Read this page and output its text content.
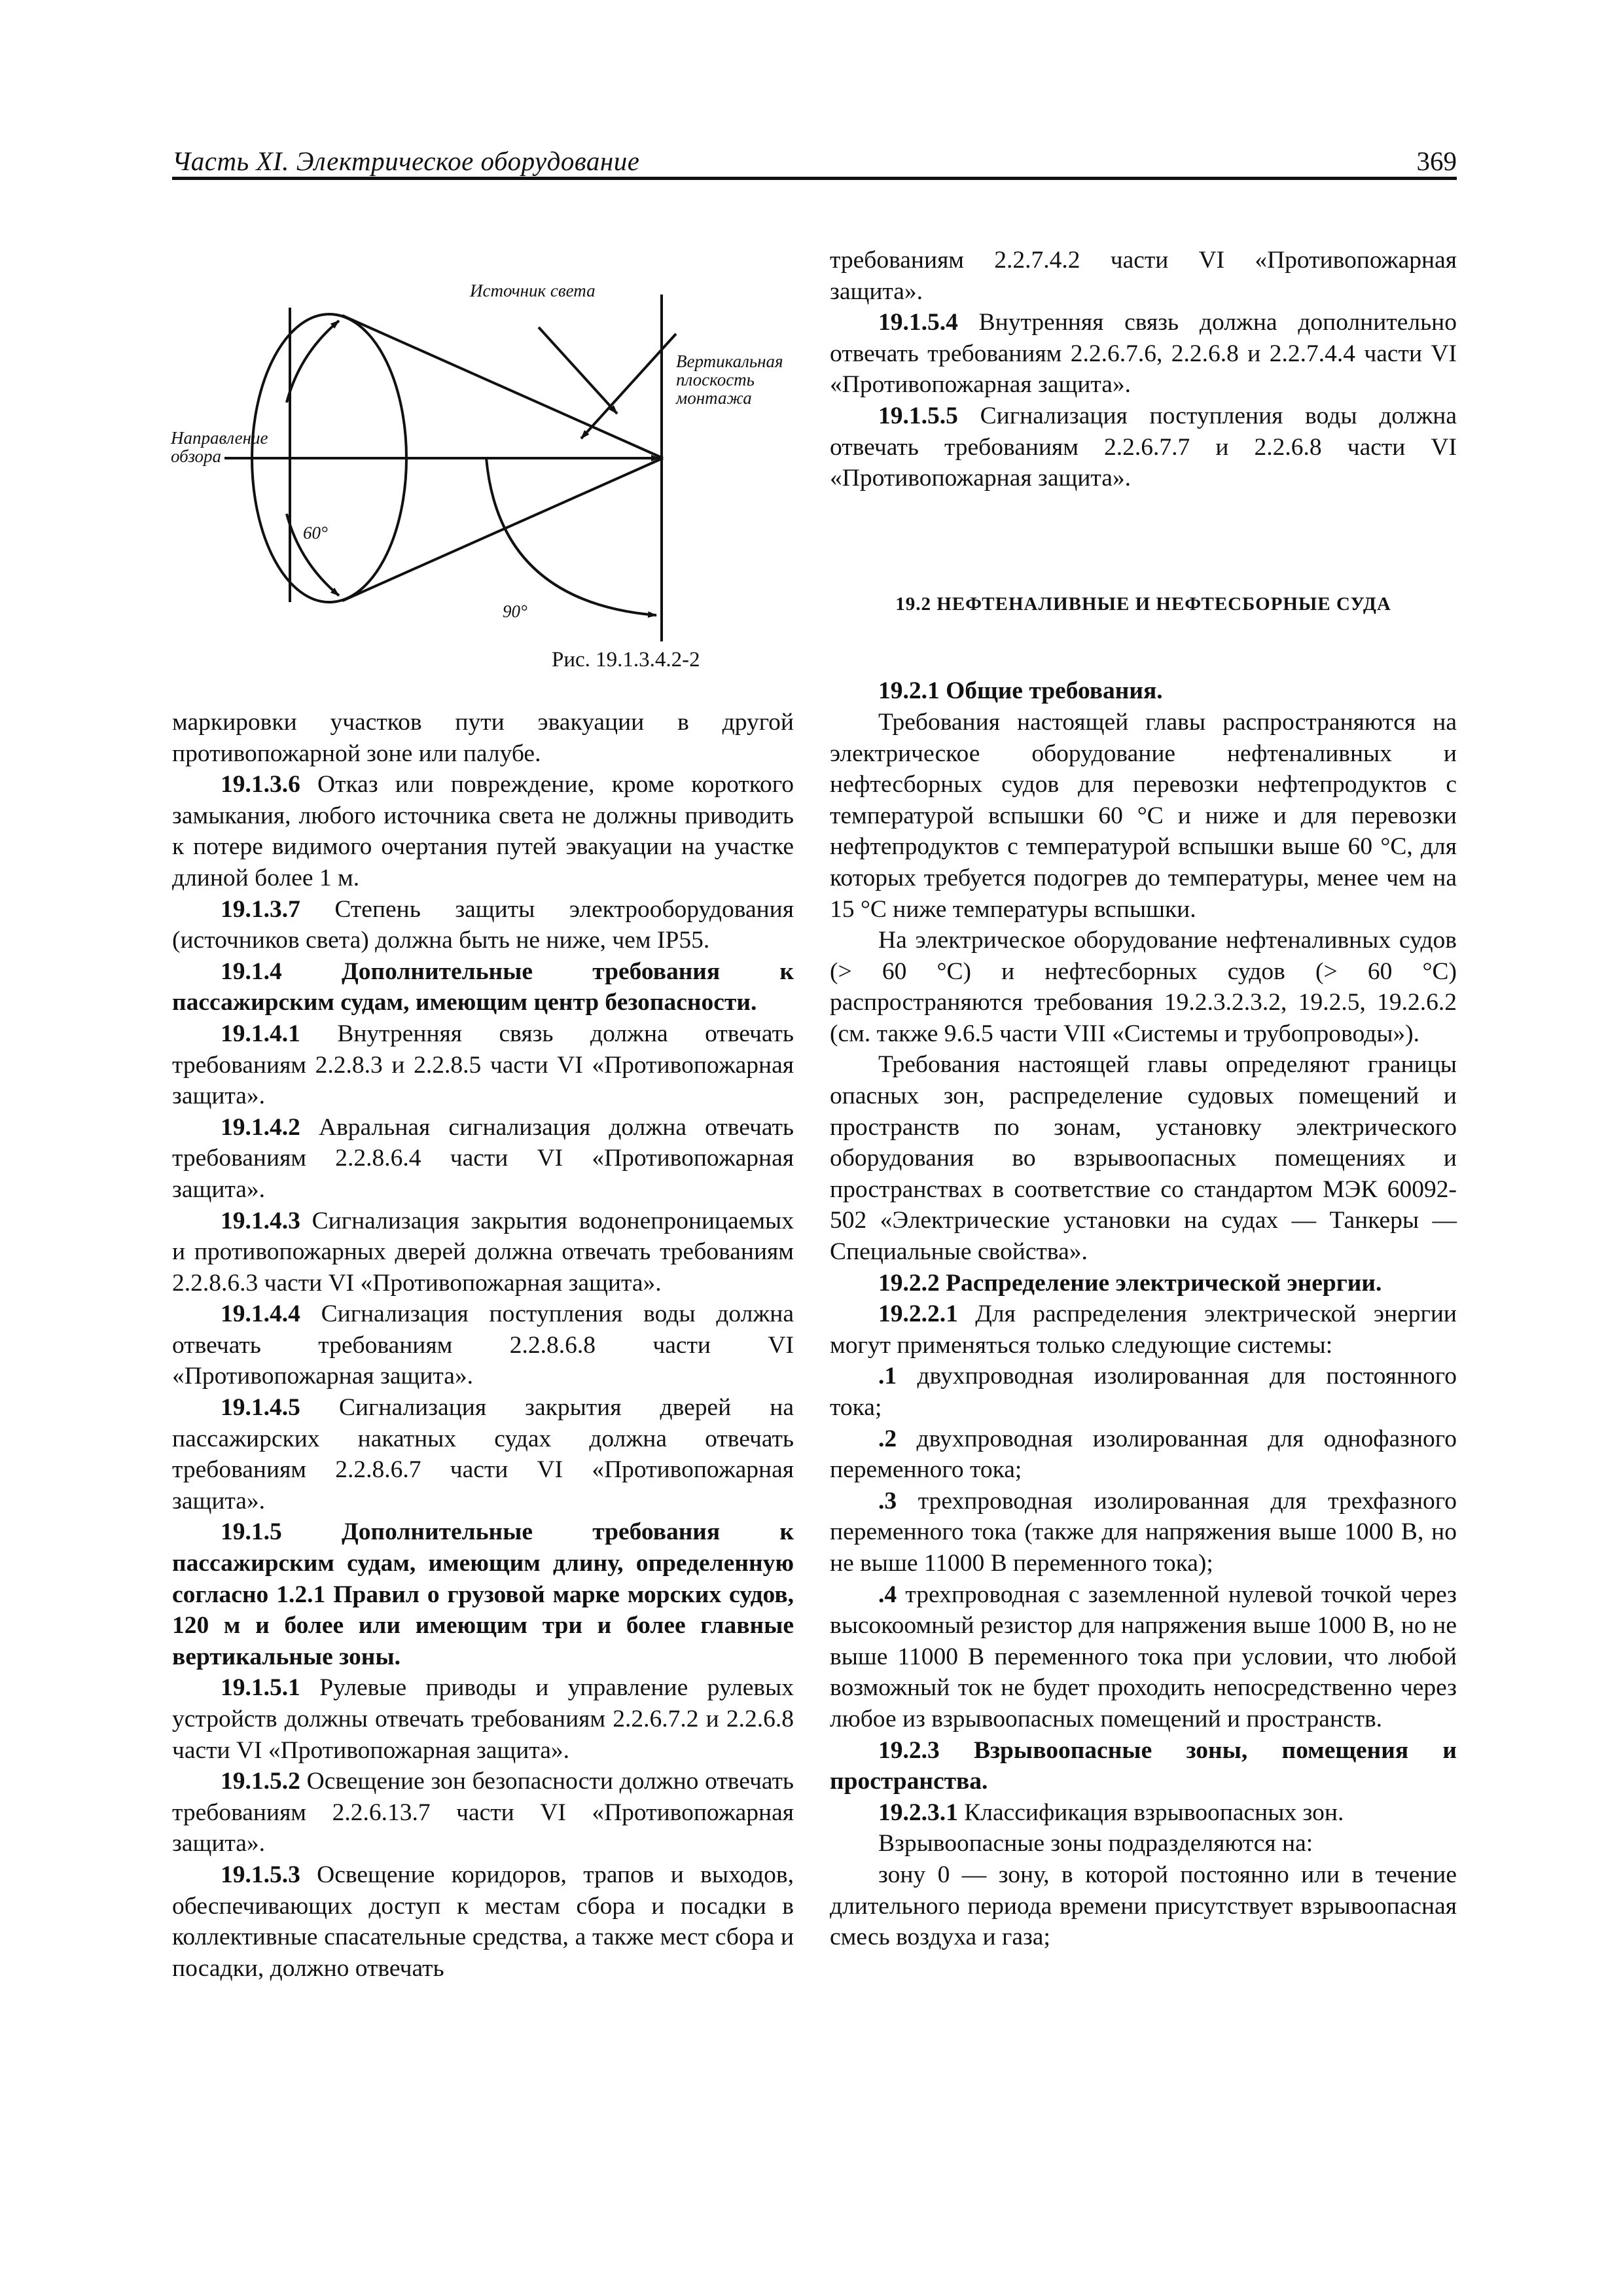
Часть XI. Электрическое оборудование	369
Источник света
Вертикальная
плоскость
монтажа
Направление
обзора
60°
90°
Рис. 19.1.3.4.2-2

маркировки участков пути эвакуации в другой противопожарной зоне или палубе.

19.1.3.6 Отказ или повреждение, кроме короткого замыкания, любого источника света не должны приводить к потере видимого очертания путей эвакуации на участке длиной более 1 м.

19.1.3.7 Степень защиты электрооборудования (источников света) должна быть не ниже, чем IP55.

19.1.4 Дополнительные требования к пассажирским судам, имеющим центр безопасности.

19.1.4.1 Внутренняя связь должна отвечать требованиям 2.2.8.3 и 2.2.8.5 части VI «Противопожарная защита».

19.1.4.2 Авральная сигнализация должна отвечать требованиям 2.2.8.6.4 части VI «Противопожарная защита».

19.1.4.3 Сигнализация закрытия водонепроницаемых и противопожарных дверей должна отвечать требованиям 2.2.8.6.3 части VI «Противопожарная защита».

19.1.4.4 Сигнализация поступления воды должна отвечать требованиям 2.2.8.6.8 части VI «Противопожарная защита».

19.1.4.5 Сигнализация закрытия дверей на пассажирских накатных судах должна отвечать требованиям 2.2.8.6.7 части VI «Противопожарная защита».

19.1.5 Дополнительные требования к пассажирским судам, имеющим длину, определенную согласно 1.2.1 Правил о грузовой марке морских судов, 120 м и более или имеющим три и более главные вертикальные зоны.

19.1.5.1 Рулевые приводы и управление рулевых устройств должны отвечать требованиям 2.2.6.7.2 и 2.2.6.8 части VI «Противопожарная защита».

19.1.5.2 Освещение зон безопасности должно отвечать требованиям 2.2.6.13.7 части VI «Противопожарная защита».

19.1.5.3 Освещение коридоров, трапов и выходов, обеспечивающих доступ к местам сбора и посадки в коллективные спасательные средства, а также мест сбора и посадки, должно отвечать

требованиям 2.2.7.4.2 части VI «Противопожарная защита».

19.1.5.4 Внутренняя связь должна дополнительно отвечать требованиям 2.2.6.7.6, 2.2.6.8 и 2.2.7.4.4 части VI «Противопожарная защита».

19.1.5.5 Сигнализация поступления воды должна отвечать требованиям 2.2.6.7.7 и 2.2.6.8 части VI «Противопожарная защита».

19.2 НЕФТЕНАЛИВНЫЕ И НЕФТЕСБОРНЫЕ СУДА

19.2.1 Общие требования.

Требования настоящей главы распространяются на электрическое оборудование нефтеналивных и нефтесборных судов для перевозки нефтепродуктов с температурой вспышки 60 °С и ниже и для перевозки нефтепродуктов с температурой вспышки выше 60 °С, для которых требуется подогрев до температуры, менее чем на 15 °С ниже температуры вспышки.

На электрическое оборудование нефтеналивных судов (> 60 °С) и нефтесборных судов (> 60 °С) распространяются требования 19.2.3.2.3.2, 19.2.5, 19.2.6.2 (см. также 9.6.5 части VIII «Системы и трубопроводы»).

Требования настоящей главы определяют границы опасных зон, распределение судовых помещений и пространств по зонам, установку электрического оборудования во взрывоопасных помещениях и пространствах в соответствие со стандартом МЭК 60092-502 «Электрические установки на судах — Танкеры — Специальные свойства».

19.2.2 Распределение электрической энергии.

19.2.2.1 Для распределения электрической энергии могут применяться только следующие системы:

.1 двухпроводная изолированная для постоянного тока;

.2 двухпроводная изолированная для однофазного переменного тока;

.3 трехпроводная изолированная для трехфазного переменного тока (также для напряжения выше 1000 В, но не выше 11000 В переменного тока);

.4 трехпроводная с заземленной нулевой точкой через высокоомный резистор для напряжения выше 1000 В, но не выше 11000 В переменного тока при условии, что любой возможный ток не будет проходить непосредственно через любое из взрывоопасных помещений и пространств.

19.2.3 Взрывоопасные зоны, помещения и пространства.

19.2.3.1 Классификация взрывоопасных зон.

Взрывоопасные зоны подразделяются на:

зону 0 — зону, в которой постоянно или в течение длительного периода времени присутствует взрывоопасная смесь воздуха и газа;
